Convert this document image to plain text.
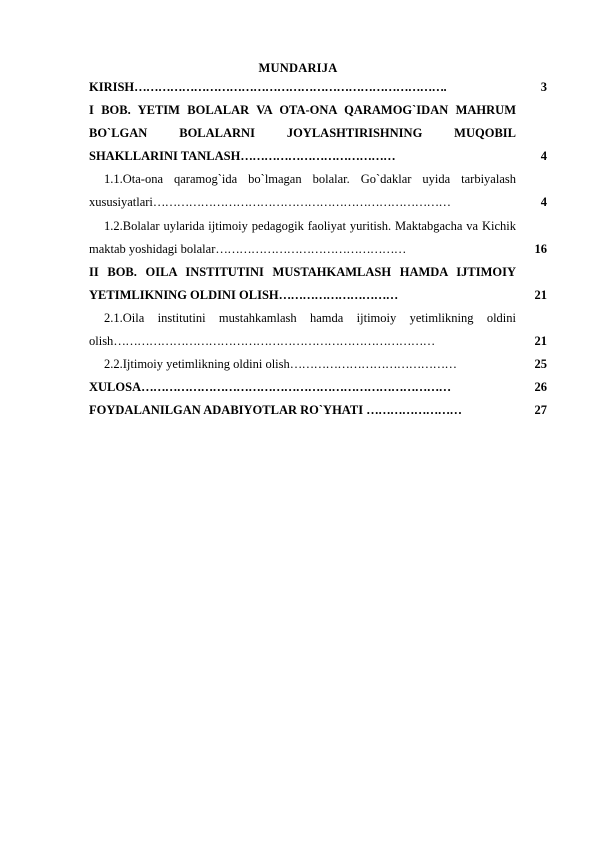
MUNDARIJA
KIRISH…………………………………………………………………….	3
I BOB. YETIM BOLALAR VA OTA-ONA QARAMOG`IDAN MAHRUM BO`LGAN BOLALARNI JOYLASHTIRISHNING MUQOBIL SHAKLLARINI TANLASH…………………………………	4
1.1.Ota-ona qaramog`ida bo`lmagan bolalar. Go`daklar uyida tarbiyalash xususiyatlari…………………………………………………………………	4
1.2.Bolalar uylarida ijtimoiy pedagogik faoliyat yuritish. Maktabgacha va Kichik maktab yoshidagi bolalar…………………………………………	16
II BOB. OILA INSTITUTINI MUSTAHKAMLASH HAMDA IJTIMOIY YETIMLIKNING OLDINI OLISH…………………………	21
2.1.Oila institutini mustahkamlash hamda ijtimoiy yetimlikning oldini olish………………………………………………………………………	21
2.2.Ijtimoiy yetimlikning oldini olish……………………………………	25
XULOSA……………………………………………………………………	26
FOYDALANILGAN ADABIYOTLAR RO`YHATI ……………………	27
